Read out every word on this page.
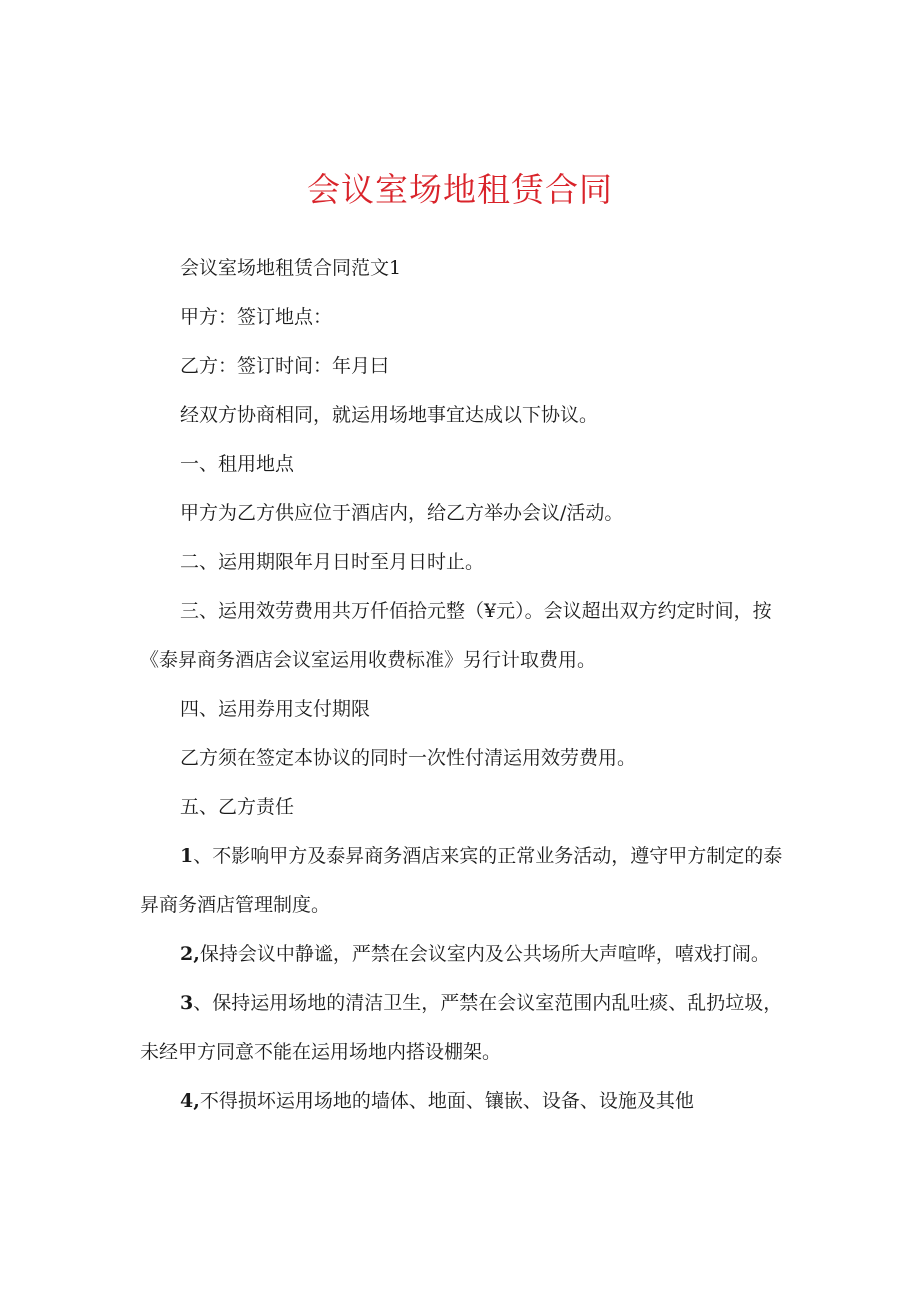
会议室场地租赁合同

会议室场地租赁合同范文1

甲方：签订地点：

乙方：签订时间：年月曰

经双方协商相同，就运用场地事宜达成以下协议。

一、租用地点

甲方为乙方供应位于酒店内，给乙方举办会议/活动。

二、运用期限年月日时至月日时止。

三、运用效劳费用共万仟佰拾元整（¥元）。会议超出双方约定时间，按《泰昇商务酒店会议室运用收费标准》另行计取费用。

四、运用券用支付期限

乙方须在签定本协议的同时一次性付清运用效劳费用。

五、乙方责任

1、不影响甲方及泰昇商务酒店来宾的正常业务活动，遵守甲方制定的泰昇商务酒店管理制度。

2,保持会议中静谧，严禁在会议室内及公共场所大声喧哗，嘻戏打闹。

3、保持运用场地的清洁卫生，严禁在会议室范围内乱吐痰、乱扔垃圾，未经甲方同意不能在运用场地内搭设棚架。

4,不得损坏运用场地的墙体、地面、镶嵌、设备、设施及其他
